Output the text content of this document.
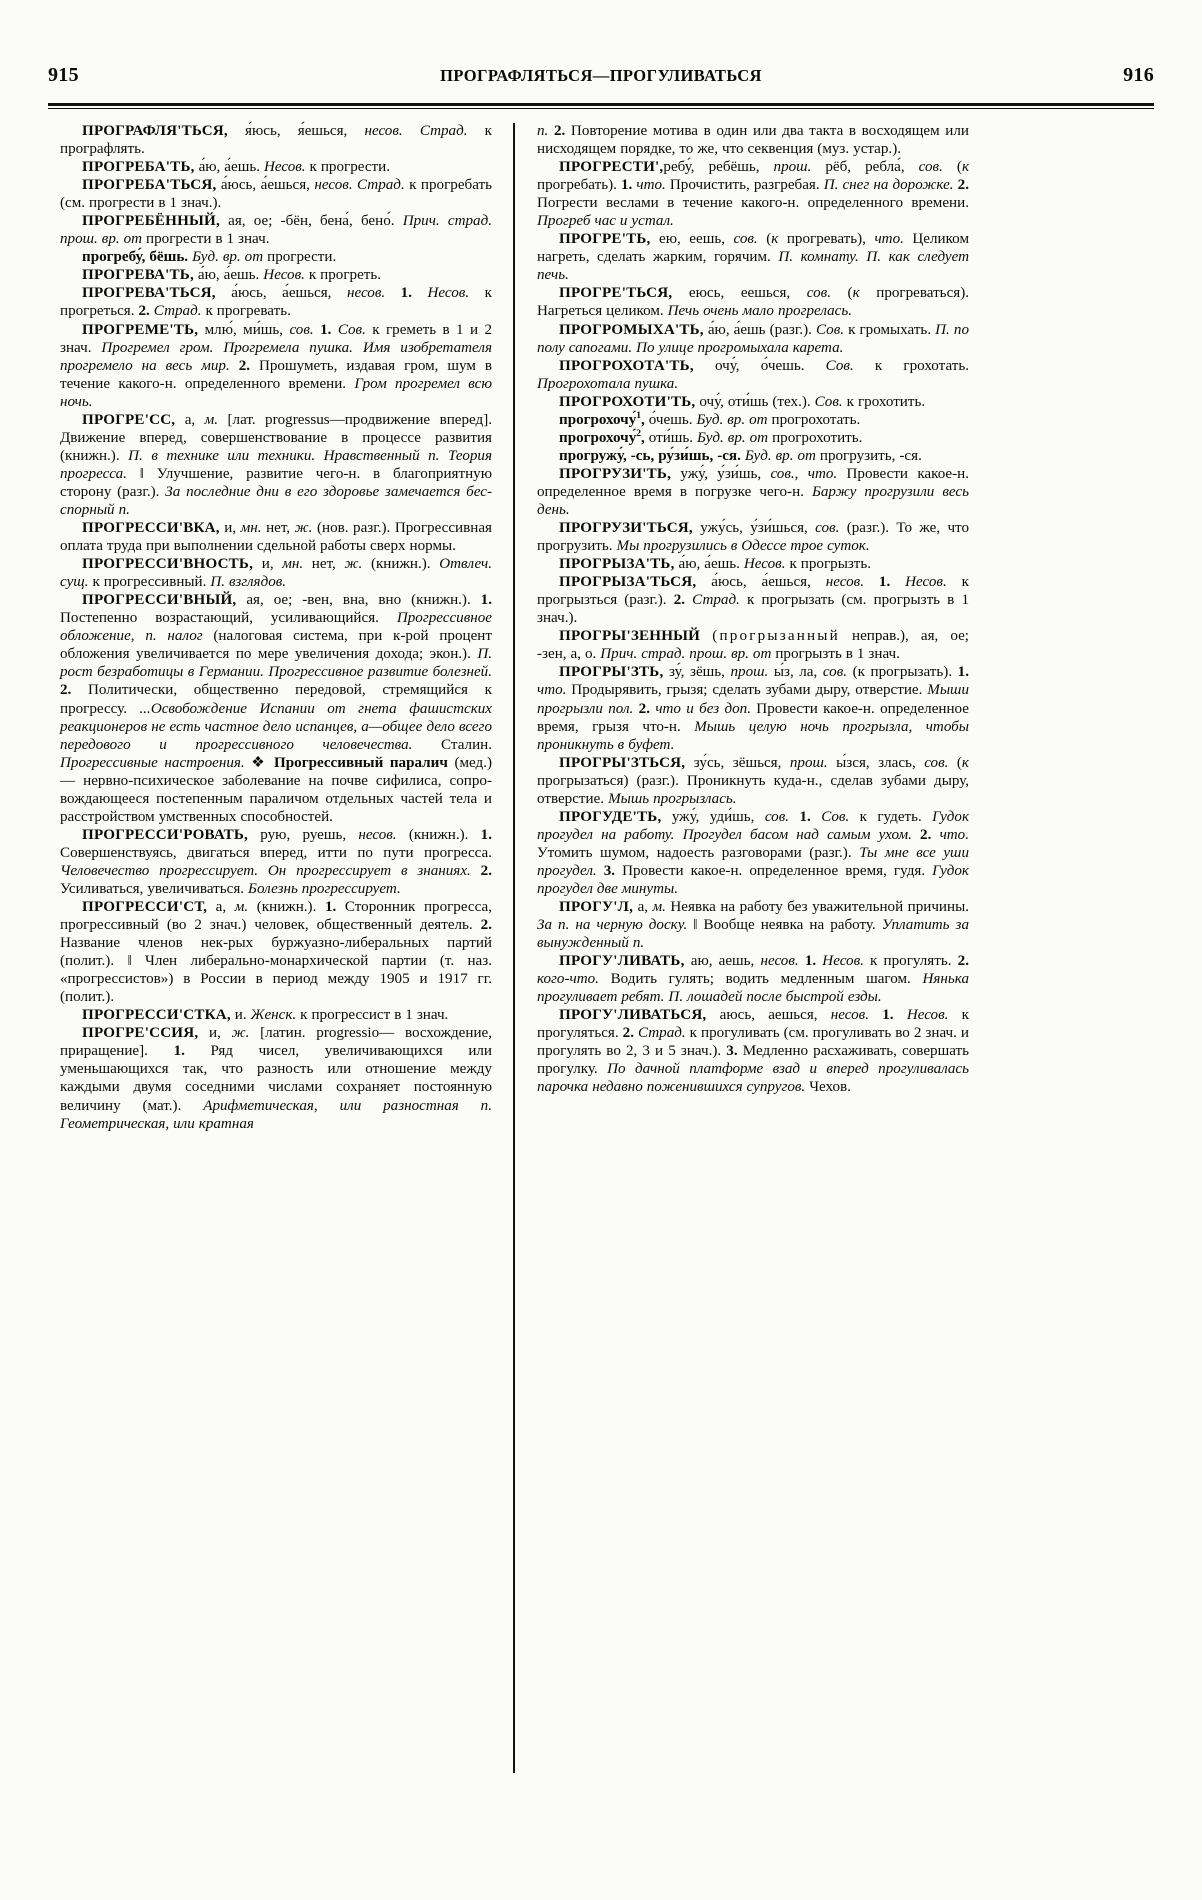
915	ПРОГРАФЛЯТЬСЯ—ПРОГУЛИВАТЬСЯ	916

ПРОГРАФЛЯ'ТЬСЯ, я́юсь, я́ешься, несов. Страд. к прографлять.

ПРОГРЕБА'ТЬ, а́ю, а́ешь. Несов. к прогрести.

ПРОГРЕБА'ТЬСЯ, а́юсь, а́ешься, несов. Страд. к прогребать (см. прогрести в 1 знач.).

ПРОГРЕБЁННЫЙ, ая, ое; -бён, бена́, бено́. Прич. страд. прош. вр. от прогрести в 1 знач.

прогребу́, бёшь. Буд. вр. от прогрести.

ПРОГРЕВА'ТЬ, а́ю, а́ешь. Несов. к прогреть.

ПРОГРЕВА'ТЬСЯ, а́юсь, а́ешься, несов. 1. Несов. к прогреться. 2. Страд. к прогревать.

ПРОГРЕМЕ'ТЬ, млю́, ми́шь, сов. 1. Сов. к греметь в 1 и 2 знач. Прогремел гром. Прогремела пушка. Имя изобретателя прогремело на весь мир. 2. Прошуметь, издавая гром, шум в течение какого-н. определенного времени. Гром прогремел всю ночь.

ПРОГРЕ'СС, а, м. [лат. progressus—продвижение вперед]. Движение вперед, совершенствование в процессе развития (книжн.). П. в технике или техники. Нравственный п. Теория прогресса. ‖ Улучшение, развитие чего-н. в благоприятную сторону (разг.). За последние дни в его здоровье замечается бесспорный п.

ПРОГРЕССИ'ВКА, и, мн. нет, ж. (нов. разг.). Прогрессивная оплата труда при выполнении сдельной работы сверх нормы.

ПРОГРЕССИ'ВНОСТЬ, и, мн. нет, ж. (книжн.). Отвлеч. сущ. к прогрессивный. П. взглядов.

ПРОГРЕССИ'ВНЫЙ, ая, ое; -вен, вна, вно (книжн.). 1. Постепенно возрастающий, усиливающийся. Прогрессивное обложение, п. налог (налоговая система, при к-рой процент обложения увеличивается по мере увеличения дохода; экон.). П. рост безработицы в Германии. Прогрессивное развитие болезней. 2. Политически, общественно передовой, стремящийся к прогрессу. ...Освобождение Испании от гнета фашистских реакционеров не есть частное дело испанцев, а—общее дело всего передового и прогрессивного человечества. Сталин. Прогрессивные настроения. ❖ Прогрессивный паралич (мед.) — нервно-психическое заболевание на почве сифилиса, сопровождающееся постепенным параличом отдельных частей тела и расстройством умственных способностей.

ПРОГРЕССИ'РОВАТЬ, рую, руешь, несов. (книжн.). 1. Совершенствуясь, двигаться вперед, итти по пути прогресса. Человечество прогрессирует. Он прогрессирует в знаниях. 2. Усиливаться, увеличиваться. Болезнь прогрессирует.

ПРОГРЕССИ'СТ, а, м. (книжн.). 1. Сторонник прогресса, прогрессивный (во 2 знач.) человек, общественный деятель. 2. Название членов нек-рых буржуазно-либеральных партий (полит.). ‖ Член либерально-монархической партии (т. наз. «прогрессистов») в России в период между 1905 и 1917 гг. (полит.).

ПРОГРЕССИ'СТКА, и. Женск. к прогрессист в 1 знач.

ПРОГРЕ'ССИЯ, и, ж. [латин. progressio— восхождение, приращение]. 1. Ряд чисел, увеличивающихся или уменьшающихся так, что разность или отношение между каждыми двумя соседними числами сохраняет постоянную величину (мат.). Арифметическая, или разностная п. Геометрическая, или кратная

п. 2. Повторение мотива в один или два такта в восходящем или нисходящем порядке, то же, что секвенция (муз. устар.).

ПРОГРЕСТИ',ребу́, ребёшь, прош. рёб, ребла́, сов. (к прогребать). 1. что. Прочистить, разгребая. П. снег на дорожке. 2. Погрести веслами в течение какого-н. определенного времени. Прогреб час и устал.

ПРОГРЕ'ТЬ, ею, еешь, сов. (к прогревать), что. Целиком нагреть, сделать жарким, горячим. П. комнату. П. как следует печь.

ПРОГРЕ'ТЬСЯ, еюсь, еешься, сов. (к прогреваться). Нагреться целиком. Печь очень мало прогрелась.

ПРОГРОМЫХА'ТЬ, а́ю, а́ешь (разг.). Сов. к громыхать. П. по полу сапогами. По улице прогромыхала карета.

ПРОГРОХОТА'ТЬ, очу́, о́чешь. Сов. к грохотать. Прогрохотала пушка.

ПРОГРОХОТИ'ТЬ, очу́, оти́шь (тех.). Сов. к грохотить.

прогрохочу́$^1$, о́чешь. Буд. вр. от прогрохотать.

прогрохочу́$^2$, оти́шь. Буд. вр. от прогрохотить.

прогружу́, -сь, ру́зи́шь, -ся. Буд. вр. от прогрузить, -ся.

ПРОГРУЗИ'ТЬ, ужу́, у́зи́шь, сов., что. Провести какое-н. определенное время в погрузке чего-н. Баржу прогрузили весь день.

ПРОГРУЗИ'ТЬСЯ, ужу́сь, у́зи́шься, сов. (разг.). То же, что прогрузить. Мы прогрузились в Одессе трое суток.

ПРОГРЫЗА'ТЬ, а́ю, а́ешь. Несов. к прогрызть.

ПРОГРЫЗА'ТЬСЯ, а́юсь, а́ешься, несов. 1. Несов. к прогрызться (разг.). 2. Страд. к прогрызать (см. прогрызть в 1 знач.).

ПРОГРЫ'ЗЕННЫЙ (прогрызанный неправ.), ая, ое; -зен, а, о. Прич. страд. прош. вр. от прогрызть в 1 знач.

ПРОГРЫ'ЗТЬ, зу́, зёшь, прош. ы́з, ла, сов. (к прогрызать). 1. что. Продырявить, грызя; сделать зубами дыру, отверстие. Мыши прогрызли пол. 2. что и без доп. Провести какое-н. определенное время, грызя что-н. Мышь целую ночь прогрызла, чтобы проникнуть в буфет.

ПРОГРЫ'ЗТЬСЯ, зу́сь, зёшься, прош. ы́зся, злась, сов. (к прогрызаться) (разг.). Проникнуть куда-н., сделав зубами дыру, отверстие. Мышь прогрызлась.

ПРОГУДЕ'ТЬ, ужу́, уди́шь, сов. 1. Сов. к гудеть. Гудок прогудел на работу. Прогудел басом над самым ухом. 2. что. Утомить шумом, надоесть разговорами (разг.). Ты мне все уши прогудел. 3. Провести какое-н. определенное время, гудя. Гудок прогудел две минуты.

ПРОГУ'Л, а, м. Неявка на работу без уважительной причины. За п. на черную доску. ‖ Вообще неявка на работу. Уплатить за вынужденный п.

ПРОГУ'ЛИВАТЬ, аю, аешь, несов. 1. Несов. к прогулять. 2. кого-что. Водить гулять; водить медленным шагом. Нянька прогуливает ребят. П. лошадей после быстрой езды.

ПРОГУ'ЛИВАТЬСЯ, аюсь, аешься, несов. 1. Несов. к прогуляться. 2. Страд. к прогуливать (см. прогуливать во 2 знач. и прогулять во 2, 3 и 5 знач.). 3. Медленно расхаживать, совершать прогулку. По дачной платформе взад и вперед прогуливалась парочка недавно поженившихся супругов. Чехов.
